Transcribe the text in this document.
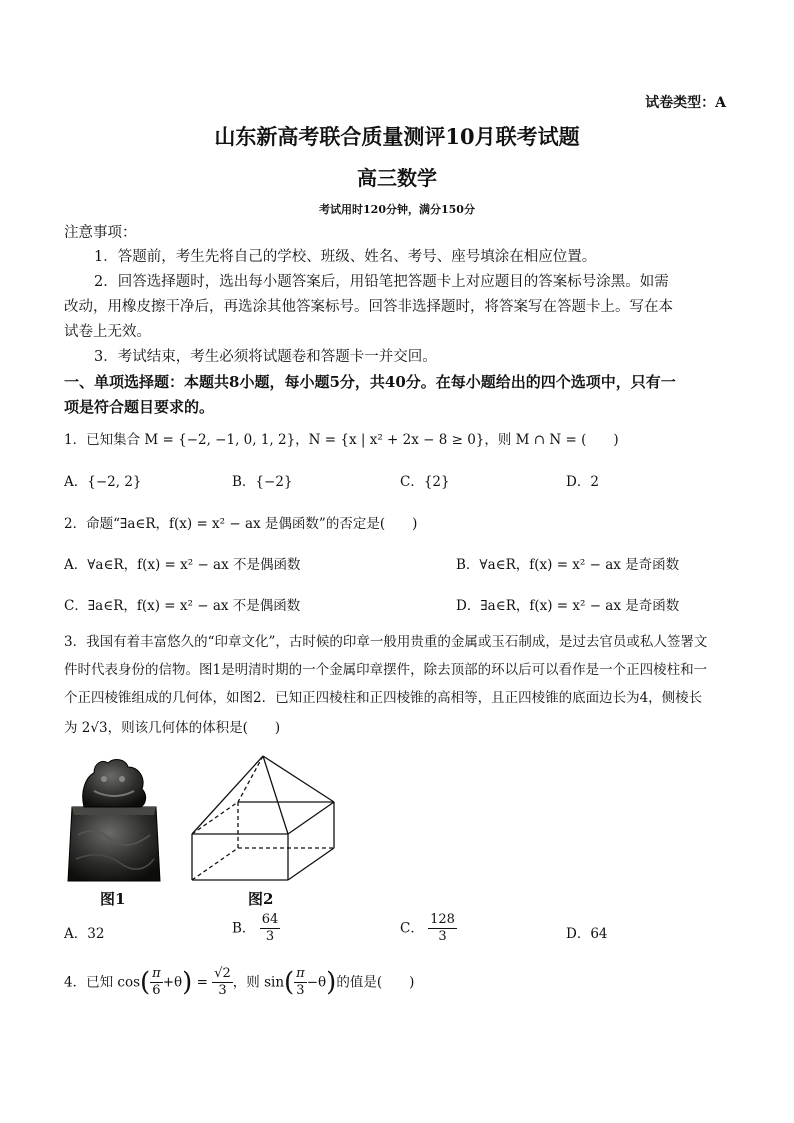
试卷类型：A
山东新高考联合质量测评10月联考试题
高三数学
考试用时120分钟，满分150分
注意事项：
1．答题前，考生先将自己的学校、班级、姓名、考号、座号填涂在相应位置。
2．回答选择题时，选出每小题答案后，用铅笔把答题卡上对应题目的答案标号涂黑。如需
改动，用橡皮擦干净后，再选涂其他答案标号。回答非选择题时，将答案写在答题卡上。写在本
试卷上无效。
3．考试结束，考生必须将试题卷和答题卡一并交回。
一、单项选择题：本题共8小题，每小题5分，共40分。在每小题给出的四个选项中，只有一
项是符合题目要求的。
1．已知集合 M = {−2, −1, 0, 1, 2}，N = {x | x² + 2x − 8 ≥ 0}，则 M ∩ N = (　　)
A．{−2, 2}	B．{−2}	C．{2}	D．2
2．命题“∃a∈R，f(x) = x² − ax 是偶函数”的否定是(　　)
A．∀a∈R，f(x) = x² − ax 不是偶函数	B．∀a∈R，f(x) = x² − ax 是奇函数
C．∃a∈R，f(x) = x² − ax 不是偶函数	D．∃a∈R，f(x) = x² − ax 是奇函数
3．我国有着丰富悠久的“印章文化”，古时候的印章一般用贵重的金属或玉石制成，是过去官员或私人签署文
件时代表身份的信物。图1是明清时期的一个金属印章摆件，除去顶部的环以后可以看作是一个正四棱柱和一
个正四棱锥组成的几何体，如图2．已知正四棱柱和正四棱锥的高相等，且正四棱锥的底面边长为4，侧棱长
为 2√3，则该几何体的体积是(　　)
图1	图2
A．32	B． $\frac{64}{3}$	C． $\frac{128}{3}$	D．64
4．已知 $\cos( \frac{\pi}{6} +\theta) = \frac{√2}{3}$ ，则 $\sin( \frac{\pi}{3} -\theta)$的值是(　　)
